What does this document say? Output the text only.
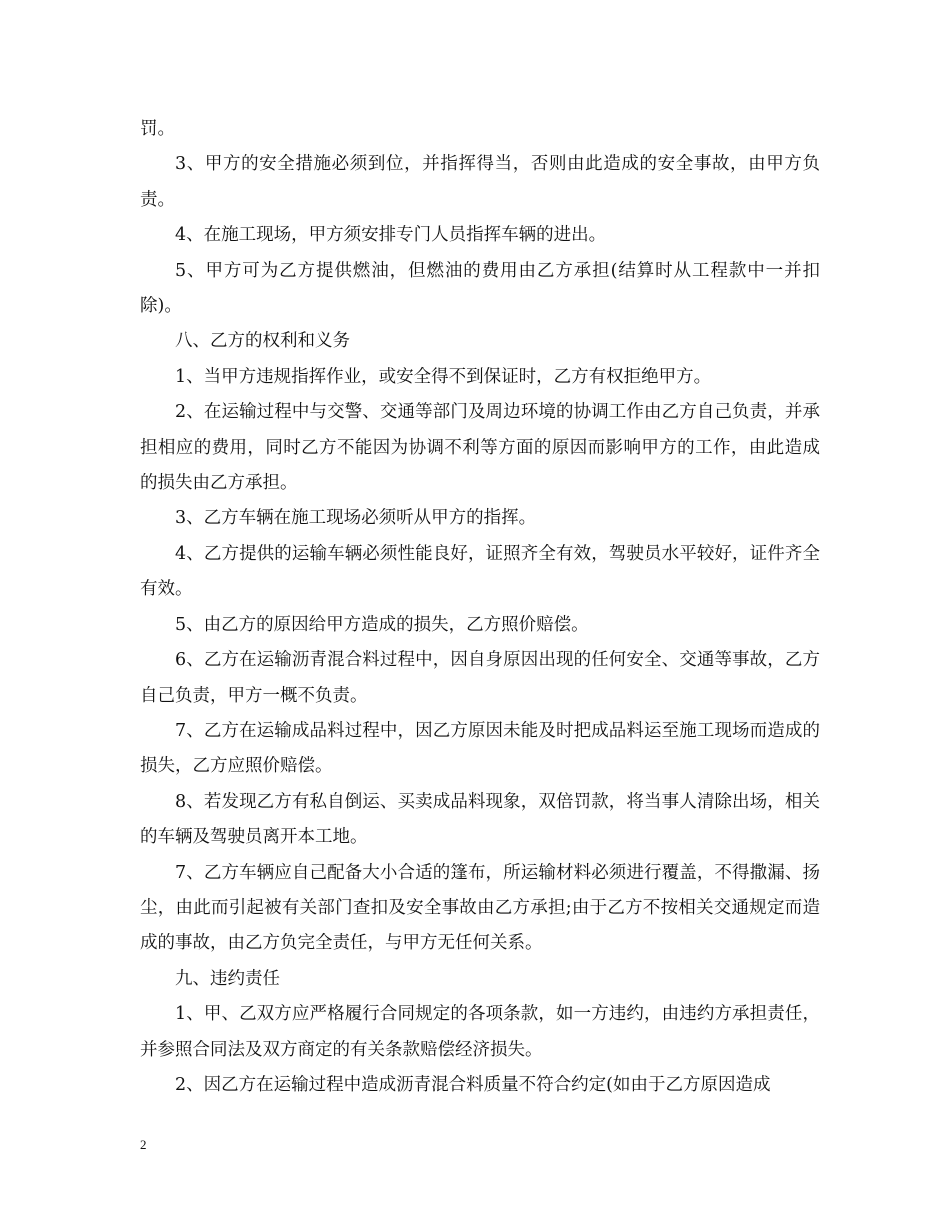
罚。

3、甲方的安全措施必须到位，并指挥得当，否则由此造成的安全事故，由甲方负责。

4、在施工现场，甲方须安排专门人员指挥车辆的进出。

5、甲方可为乙方提供燃油，但燃油的费用由乙方承担(结算时从工程款中一并扣除)。

八、乙方的权利和义务

1、当甲方违规指挥作业，或安全得不到保证时，乙方有权拒绝甲方。

2、在运输过程中与交警、交通等部门及周边环境的协调工作由乙方自己负责，并承担相应的费用，同时乙方不能因为协调不利等方面的原因而影响甲方的工作，由此造成的损失由乙方承担。

3、乙方车辆在施工现场必须听从甲方的指挥。

4、乙方提供的运输车辆必须性能良好，证照齐全有效，驾驶员水平较好，证件齐全有效。

5、由乙方的原因给甲方造成的损失，乙方照价赔偿。

6、乙方在运输沥青混合料过程中，因自身原因出现的任何安全、交通等事故，乙方自己负责，甲方一概不负责。

7、乙方在运输成品料过程中，因乙方原因未能及时把成品料运至施工现场而造成的损失，乙方应照价赔偿。

8、若发现乙方有私自倒运、买卖成品料现象，双倍罚款，将当事人清除出场，相关的车辆及驾驶员离开本工地。

7、乙方车辆应自己配备大小合适的篷布，所运输材料必须进行覆盖，不得撒漏、扬尘，由此而引起被有关部门查扣及安全事故由乙方承担;由于乙方不按相关交通规定而造成的事故，由乙方负完全责任，与甲方无任何关系。

九、违约责任

1、甲、乙双方应严格履行合同规定的各项条款，如一方违约，由违约方承担责任，并参照合同法及双方商定的有关条款赔偿经济损失。

2、因乙方在运输过程中造成沥青混合料质量不符合约定(如由于乙方原因造成

2
